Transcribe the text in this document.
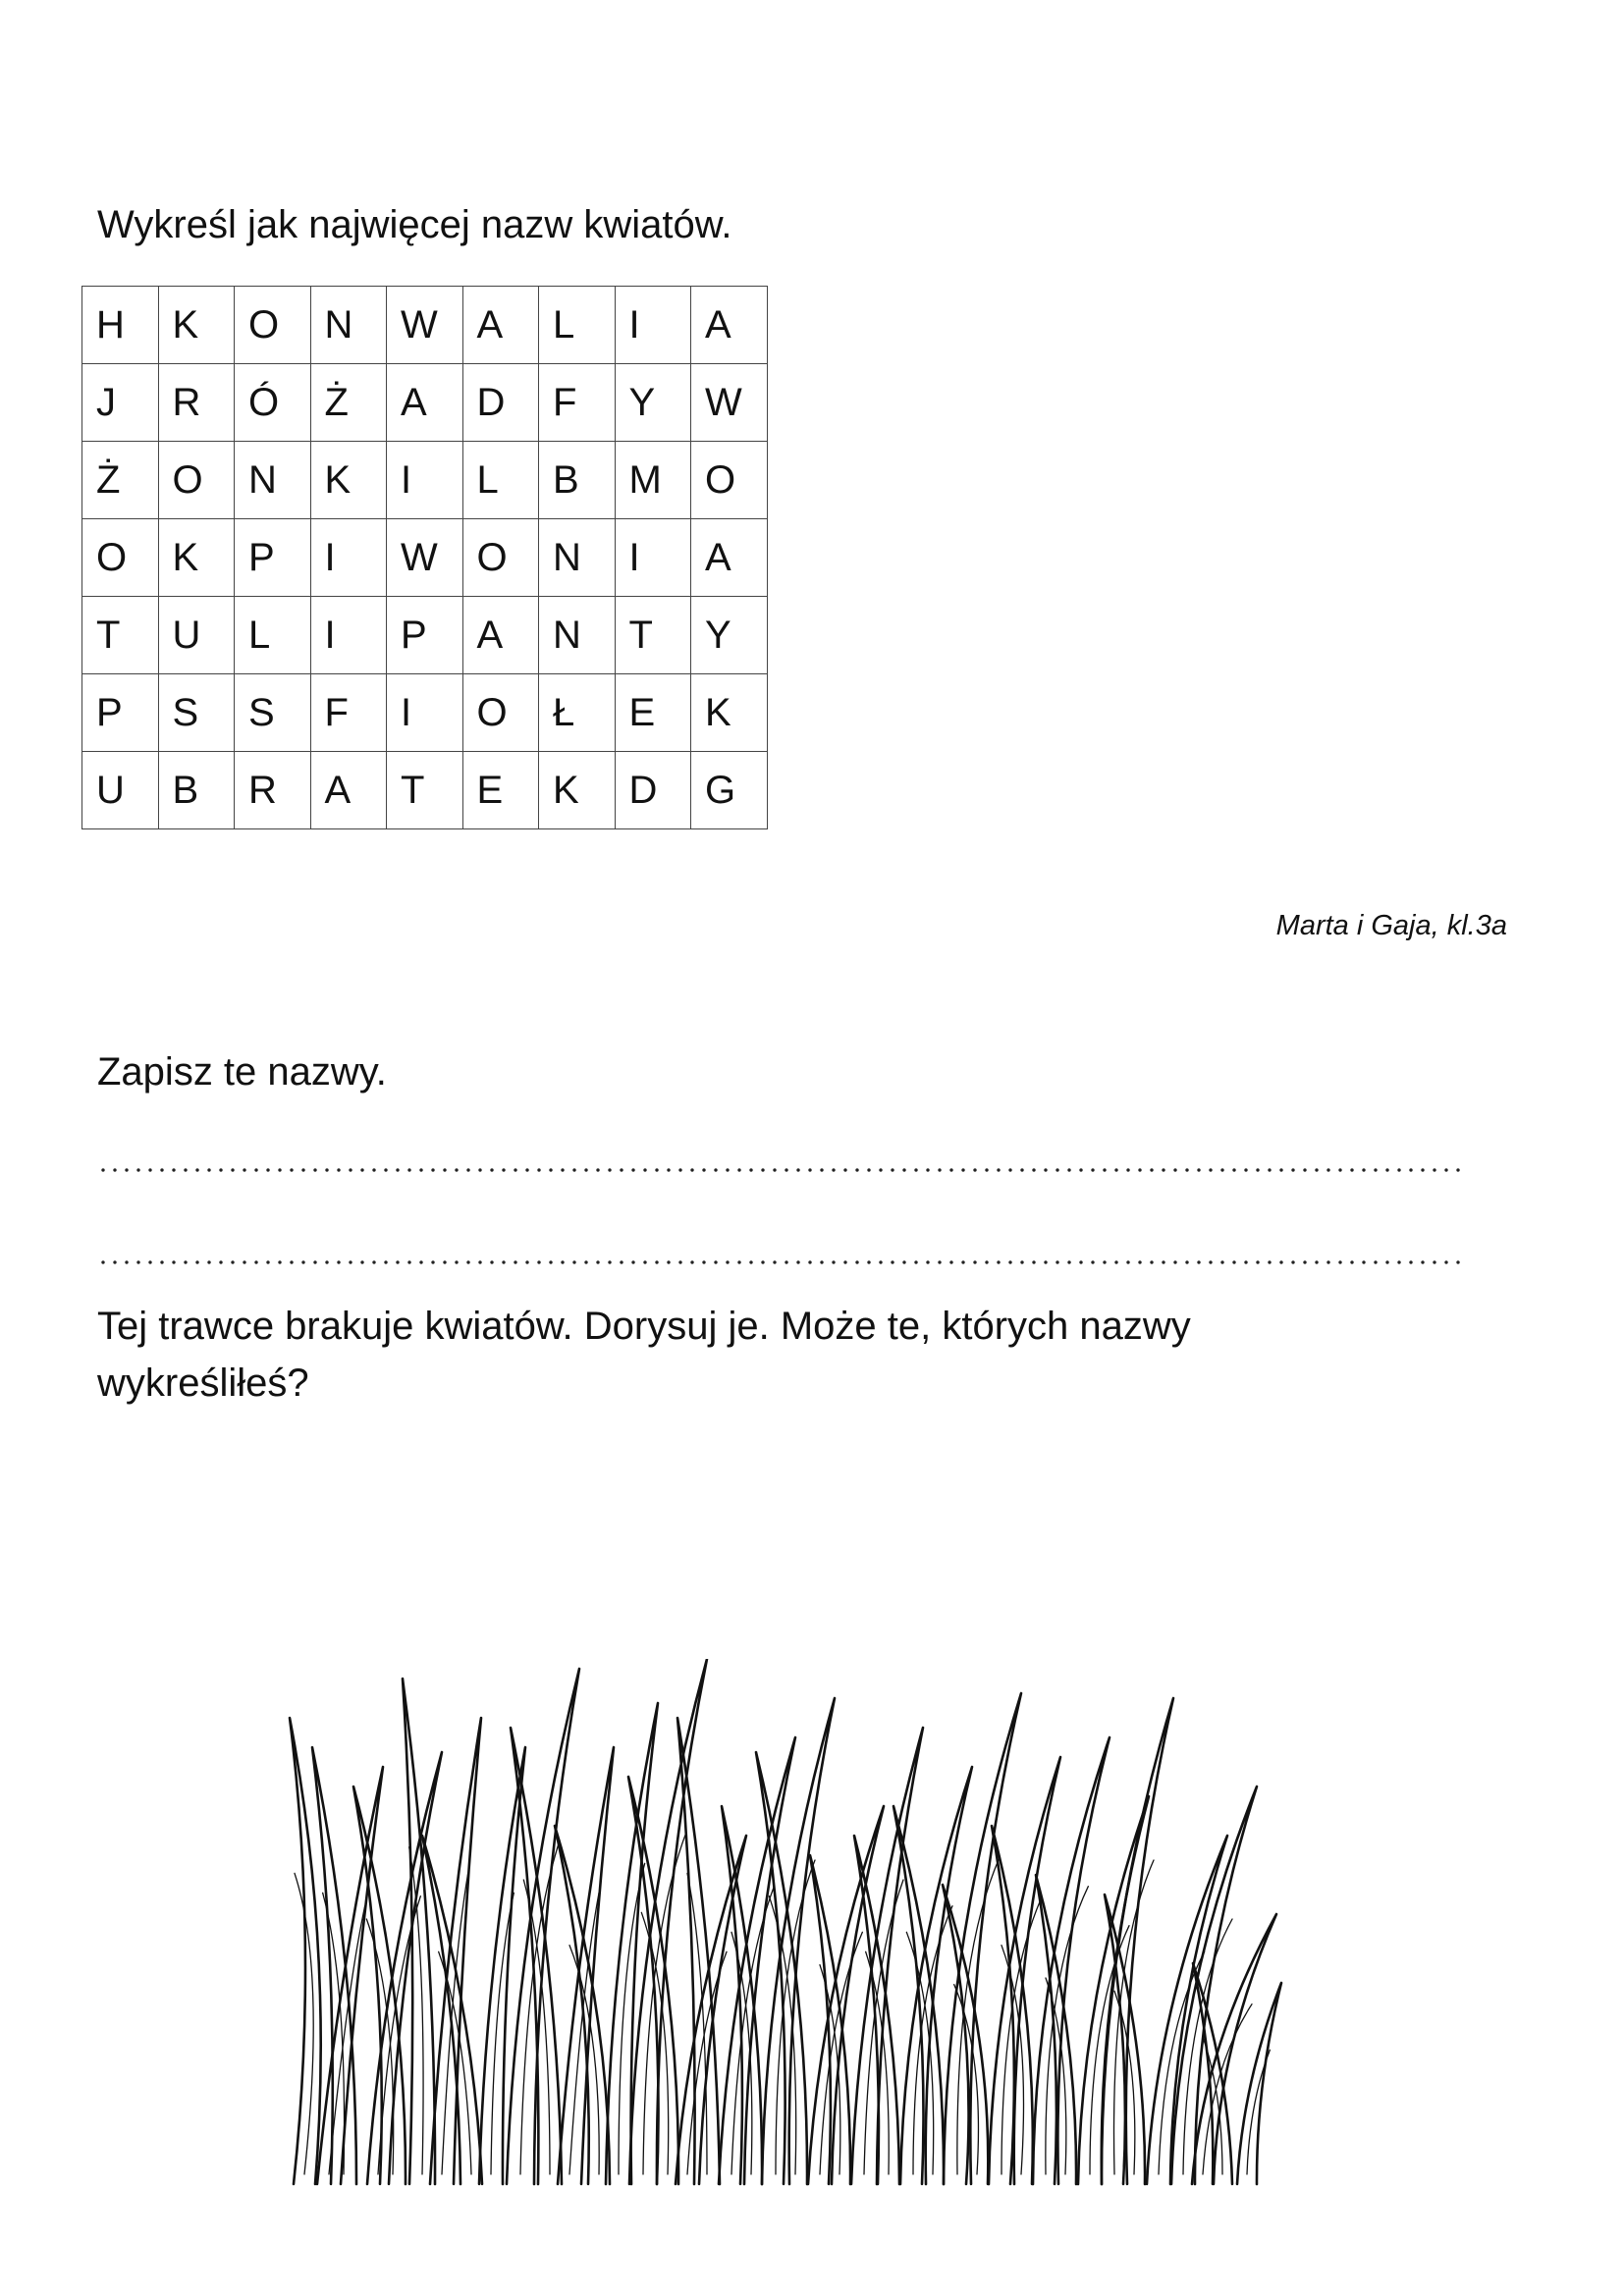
Wykreśl jak najwięcej nazw kwiatów.
H	K	O	N	W	A	L	I	A
J	R	Ó	Ż	A	D	F	Y	W
Ż	O	N	K	I	L	B	M	O
O	K	P	I	W	O	N	I	A
T	U	L	I	P	A	N	T	Y
P	S	S	F	I	O	Ł	E	K
U	B	R	A	T	E	K	D	G
Marta i Gaja, kl.3a
Zapisz te nazwy.
Tej trawce brakuje kwiatów. Dorysuj je. Może te, których nazwy wykreśliłeś?
